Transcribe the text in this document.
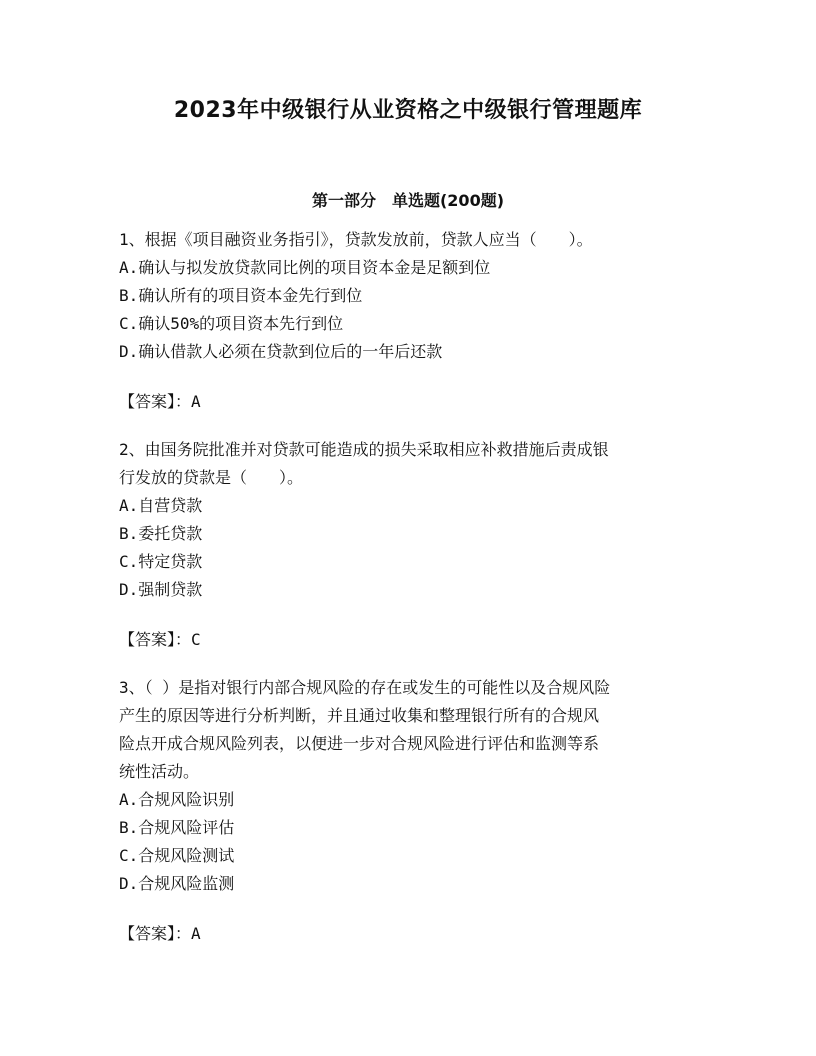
2023年中级银行从业资格之中级银行管理题库
第一部分　单选题(200题)

1、根据《项目融资业务指引》，贷款发放前，贷款人应当（　　）。

A.确认与拟发放贷款同比例的项目资本金是足额到位

B.确认所有的项目资本金先行到位

C.确认50%的项目资本先行到位

D.确认借款人必须在贷款到位后的一年后还款

【答案】：A

2、由国务院批准并对贷款可能造成的损失采取相应补救措施后责成银

行发放的贷款是（　　）。

A.自营贷款

B.委托贷款

C.特定贷款

D.强制贷款

【答案】：C

3、（ ）是指对银行内部合规风险的存在或发生的可能性以及合规风险

产生的原因等进行分析判断，并且通过收集和整理银行所有的合规风

险点开成合规风险列表，以便进一步对合规风险进行评估和监测等系

统性活动。

A.合规风险识别

B.合规风险评估

C.合规风险测试

D.合规风险监测

【答案】：A
